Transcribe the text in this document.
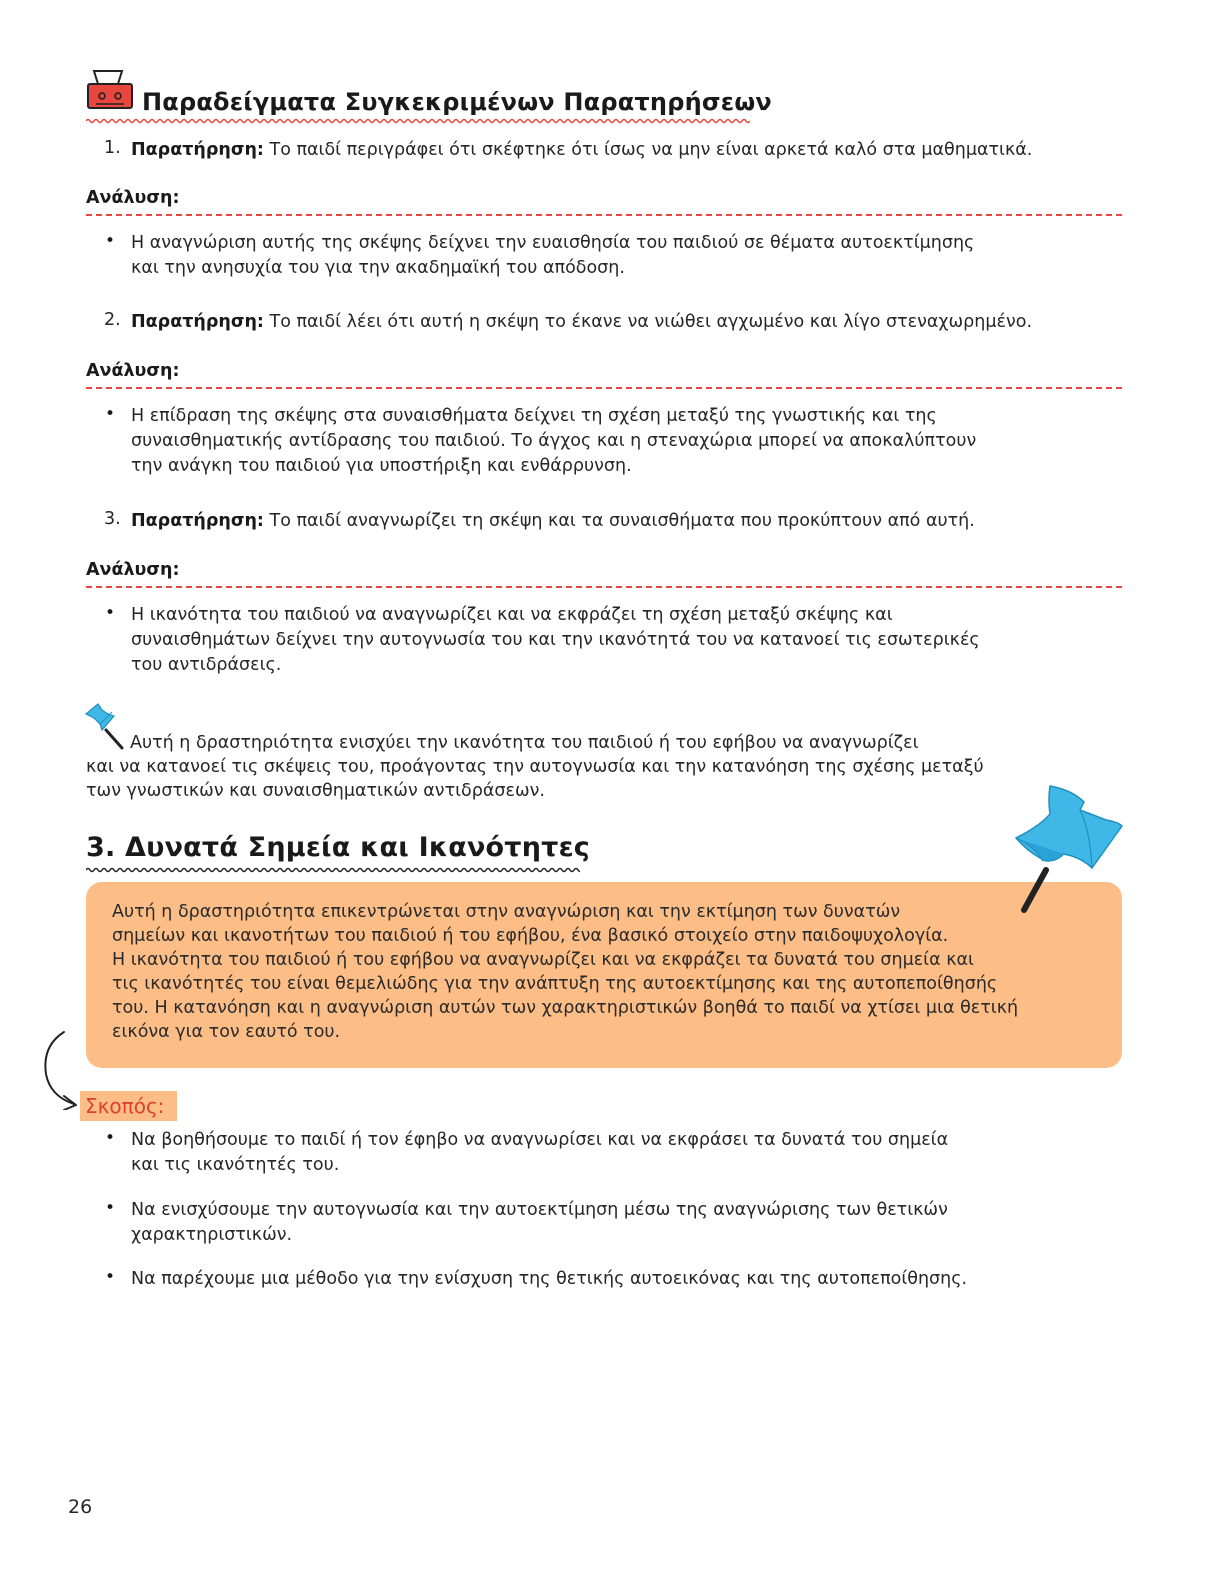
Παραδείγματα Συγκεκριμένων Παρατηρήσεων
1. Παρατήρηση: Το παιδί περιγράφει ότι σκέφτηκε ότι ίσως να μην είναι αρκετά καλό στα μαθηματικά.
Ανάλυση:
• Η αναγνώριση αυτής της σκέψης δείχνει την ευαισθησία του παιδιού σε θέματα αυτοεκτίμησης
και την ανησυχία του για την ακαδημαϊκή του απόδοση.
2. Παρατήρηση: Το παιδί λέει ότι αυτή η σκέψη το έκανε να νιώθει αγχωμένο και λίγο στεναχωρημένο.
Ανάλυση:
• Η επίδραση της σκέψης στα συναισθήματα δείχνει τη σχέση μεταξύ της γνωστικής και της
συναισθηματικής αντίδρασης του παιδιού. Το άγχος και η στεναχώρια μπορεί να αποκαλύπτουν
την ανάγκη του παιδιού για υποστήριξη και ενθάρρυνση.
3. Παρατήρηση: Το παιδί αναγνωρίζει τη σκέψη και τα συναισθήματα που προκύπτουν από αυτή.
Ανάλυση:
• Η ικανότητα του παιδιού να αναγνωρίζει και να εκφράζει τη σχέση μεταξύ σκέψης και
συναισθημάτων δείχνει την αυτογνωσία του και την ικανότητά του να κατανοεί τις εσωτερικές
του αντιδράσεις.
Αυτή η δραστηριότητα ενισχύει την ικανότητα του παιδιού ή του εφήβου να αναγνωρίζει
και να κατανοεί τις σκέψεις του, προάγοντας την αυτογνωσία και την κατανόηση της σχέσης μεταξύ
των γνωστικών και συναισθηματικών αντιδράσεων.
3. Δυνατά Σημεία και Ικανότητες
Αυτή η δραστηριότητα επικεντρώνεται στην αναγνώριση και την εκτίμηση των δυνατών
σημείων και ικανοτήτων του παιδιού ή του εφήβου, ένα βασικό στοιχείο στην παιδοψυχολογία.
Η ικανότητα του παιδιού ή του εφήβου να αναγνωρίζει και να εκφράζει τα δυνατά του σημεία και
τις ικανότητές του είναι θεμελιώδης για την ανάπτυξη της αυτοεκτίμησης και της αυτοπεποίθησής
του. Η κατανόηση και η αναγνώριση αυτών των χαρακτηριστικών βοηθά το παιδί να χτίσει μια θετική
εικόνα για τον εαυτό του.
Σκοπός:
• Να βοηθήσουμε το παιδί ή τον έφηβο να αναγνωρίσει και να εκφράσει τα δυνατά του σημεία
και τις ικανότητές του.
• Να ενισχύσουμε την αυτογνωσία και την αυτοεκτίμηση μέσω της αναγνώρισης των θετικών
χαρακτηριστικών.
• Να παρέχουμε μια μέθοδο για την ενίσχυση της θετικής αυτοεικόνας και της αυτοπεποίθησης.
26
